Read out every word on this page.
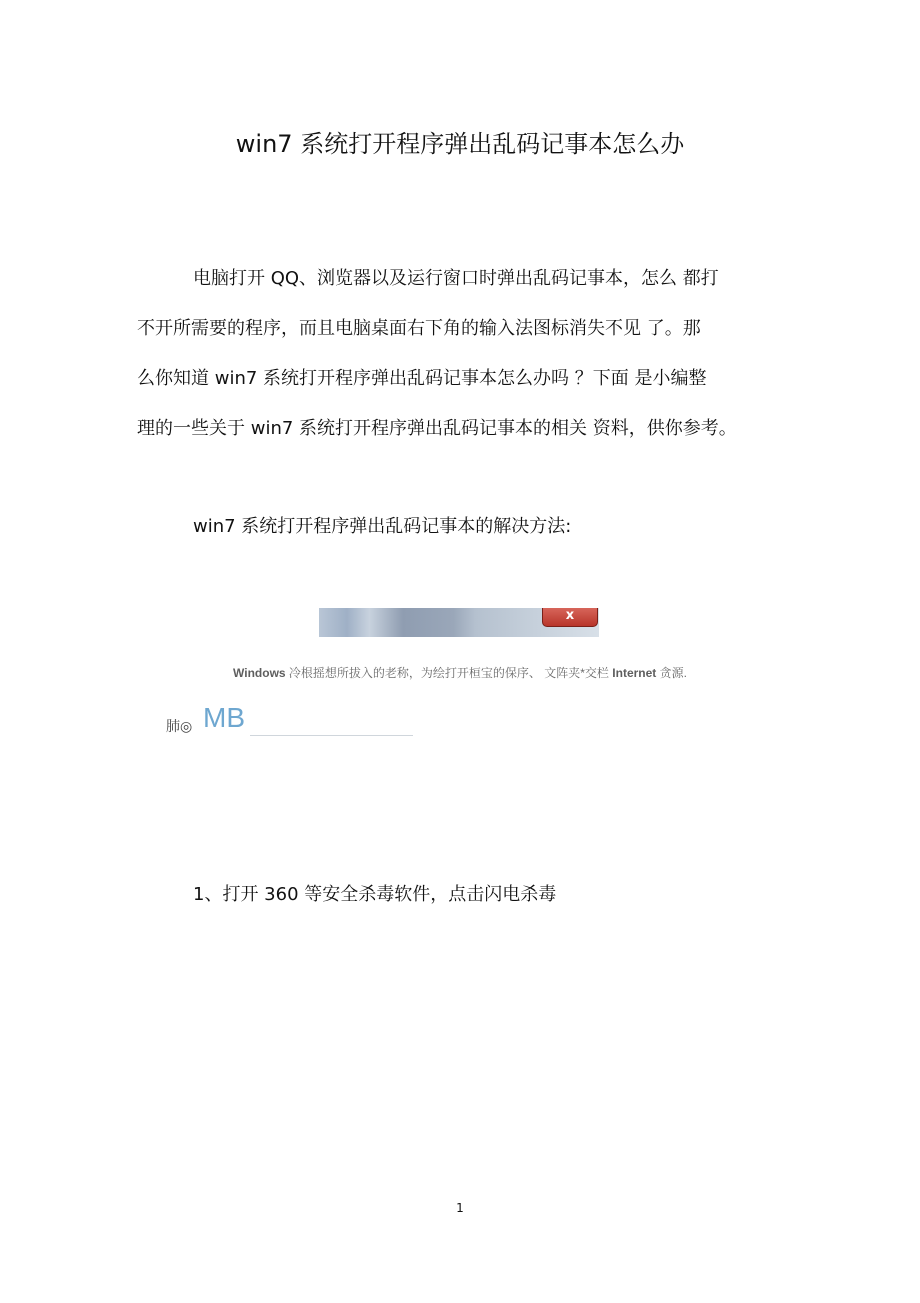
win7 系统打开程序弹出乱码记事本怎么办
电脑打开 QQ、浏览器以及运行窗口时弹出乱码记事本，怎么 都打
不开所需要的程序，而且电脑桌面右下角的输入法图标消失不见 了。那
么你知道 win7 系统打开程序弹出乱码记事本怎么办吗 ？下面 是小编整
理的一些关于 win7 系统打开程序弹出乱码记事本的相关 资料，供你参考。
win7 系统打开程序弹出乱码记事本的解决方法:
x
Windows 冷根摇想所拔入的老称，为绘打开桓宝的保序、 文阵夹*交栏 Internet 贪源.
肺◎ MB
1、打开 360 等安全杀毒软件，点击闪电杀毒
1
